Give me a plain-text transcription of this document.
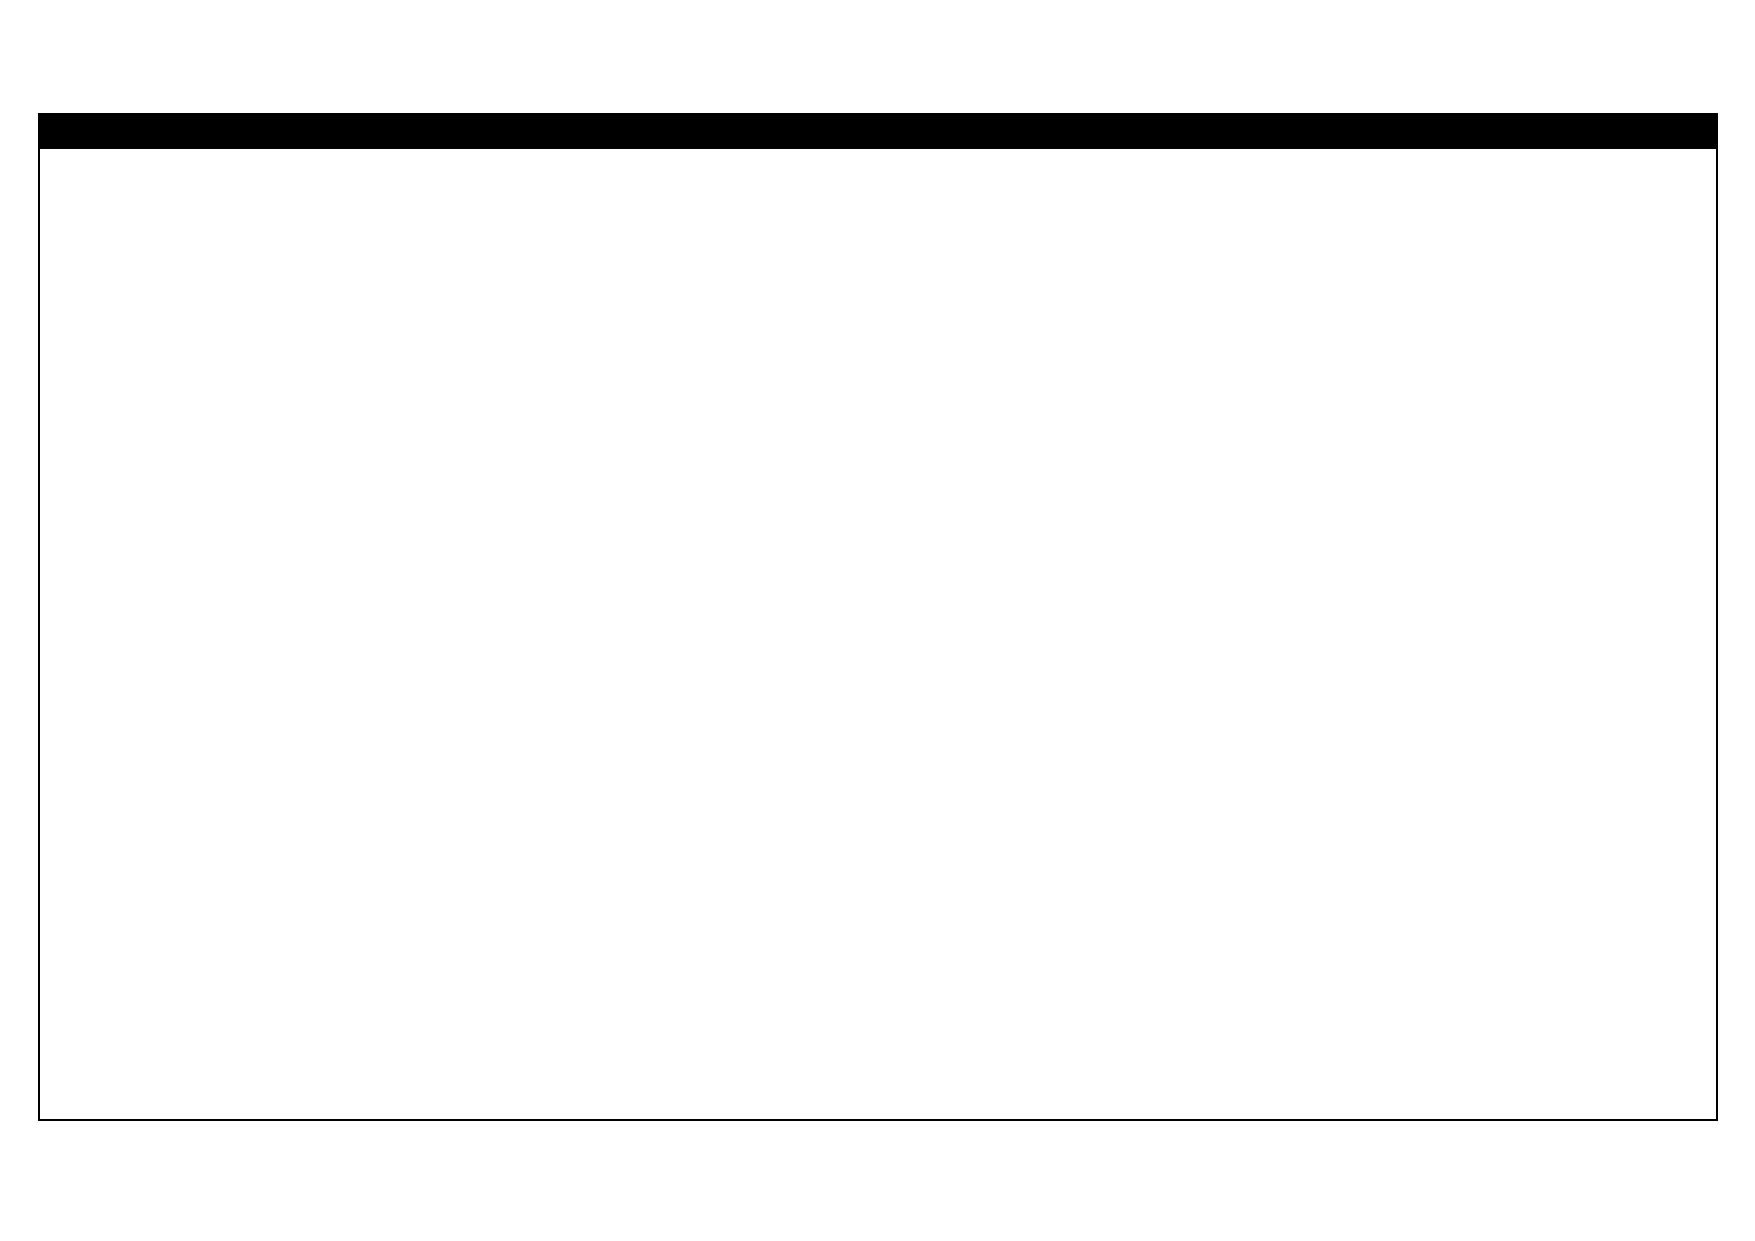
HI-SP
ABS
